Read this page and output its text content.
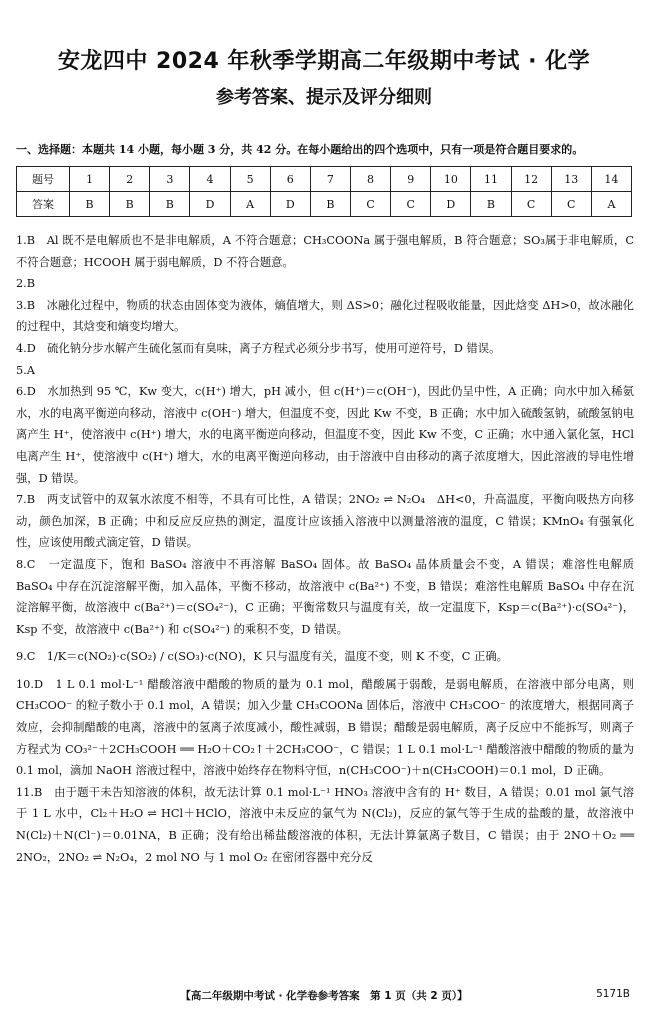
安龙四中 2024 年秋季学期高二年级期中考试 · 化学
参考答案、提示及评分细则
一、选择题：本题共 14 小题，每小题 3 分，共 42 分。在每小题给出的四个选项中，只有一项是符合题目要求的。
题号	1	2	3	4	5	6	7	8	9	10	11	12	13	14
答案	B	B	B	D	A	D	B	C	C	D	B	C	C	A

1.B　 Al 既不是电解质也不是非电解质，A 不符合题意；CH₃COONa 属于强电解质，B 符合题意；SO₃属于非电解质，C 不符合题意；HCOOH 属于弱电解质，D 不符合题意。

2.B

3.B　 冰融化过程中，物质的状态由固体变为液体，熵值增大，则 ΔS>0；融化过程吸收能量，因此焓变 ΔH>0，故冰融化的过程中，其焓变和熵变均增大。

4.D　 硫化钠分步水解产生硫化氢而有臭味，离子方程式必须分步书写，使用可逆符号，D 错误。

5.A

6.D　 水加热到 95 ℃，Kw 变大，c(H⁺) 增大，pH 减小，但 c(H⁺)＝c(OH⁻)，因此仍呈中性，A 正确；向水中加入稀氨水，水的电离平衡逆向移动，溶液中 c(OH⁻) 增大，但温度不变，因此 Kw 不变，B 正确；水中加入硫酸氢钠，硫酸氢钠电离产生 H⁺，使溶液中 c(H⁺) 增大，水的电离平衡逆向移动，但温度不变，因此 Kw 不变，C 正确；水中通入氯化氢，HCl 电离产生 H⁺，使溶液中 c(H⁺) 增大，水的电离平衡逆向移动，由于溶液中自由移动的离子浓度增大，因此溶液的导电性增强，D 错误。

7.B　 两支试管中的双氧水浓度不相等，不具有可比性，A 错误；2NO₂ ⇌ N₂O₄　ΔH<0，升高温度，平衡向吸热方向移动，颜色加深，B 正确；中和反应反应热的测定，温度计应该插入溶液中以测量溶液的温度，C 错误；KMnO₄ 有强氧化性，应该使用酸式滴定管，D 错误。

8.C　 一定温度下，饱和 BaSO₄ 溶液中不再溶解 BaSO₄ 固体。故 BaSO₄ 晶体质量会不变，A 错误；难溶性电解质 BaSO₄ 中存在沉淀溶解平衡，加入晶体，平衡不移动，故溶液中 c(Ba²⁺) 不变，B 错误；难溶性电解质 BaSO₄ 中存在沉淀溶解平衡，故溶液中 c(Ba²⁺)＝c(SO₄²⁻)，C 正确；平衡常数只与温度有关，故一定温度下，Ksp＝c(Ba²⁺)·c(SO₄²⁻)，Ksp 不变，故溶液中 c(Ba²⁺) 和 c(SO₄²⁻) 的乘积不变，D 错误。

9.C　 1/K＝c(NO₂)·c(SO₂) / c(SO₃)·c(NO)，K 只与温度有关，温度不变，则 K 不变，C 正确。

10.D　 1 L 0.1 mol·L⁻¹ 醋酸溶液中醋酸的物质的量为 0.1 mol，醋酸属于弱酸，是弱电解质，在溶液中部分电离，则 CH₃COO⁻ 的粒子数小于 0.1 mol，A 错误；加入少量 CH₃COONa 固体后，溶液中 CH₃COO⁻ 的浓度增大，根据同离子效应，会抑制醋酸的电离，溶液中的氢离子浓度减小，酸性减弱，B 错误；醋酸是弱电解质，离子反应中不能拆写，则离子方程式为 CO₃²⁻＋2CH₃COOH ══ H₂O＋CO₂↑＋2CH₃COO⁻，C 错误；1 L 0.1 mol·L⁻¹ 醋酸溶液中醋酸的物质的量为 0.1 mol，滴加 NaOH 溶液过程中，溶液中始终存在物料守恒，n(CH₃COO⁻)＋n(CH₃COOH)＝0.1 mol，D 正确。

11.B　 由于题干未告知溶液的体积，故无法计算 0.1 mol·L⁻¹ HNO₃ 溶液中含有的 H⁺ 数目，A 错误；0.01 mol 氯气溶于 1 L 水中，Cl₂＋H₂O ⇌ HCl＋HClO，溶液中未反应的氯气为 N(Cl₂)，反应的氯气等于生成的盐酸的量，故溶液中 N(Cl₂)＋N(Cl⁻)＝0.01NA，B 正确；没有给出稀盐酸溶液的体积，无法计算氯离子数目，C 错误；由于 2NO＋O₂ ══ 2NO₂，2NO₂ ⇌ N₂O₄，2 mol NO 与 1 mol O₂ 在密闭容器中充分反

【高二年级期中考试 · 化学卷参考答案　第 1 页（共 2 页）】	5171B
